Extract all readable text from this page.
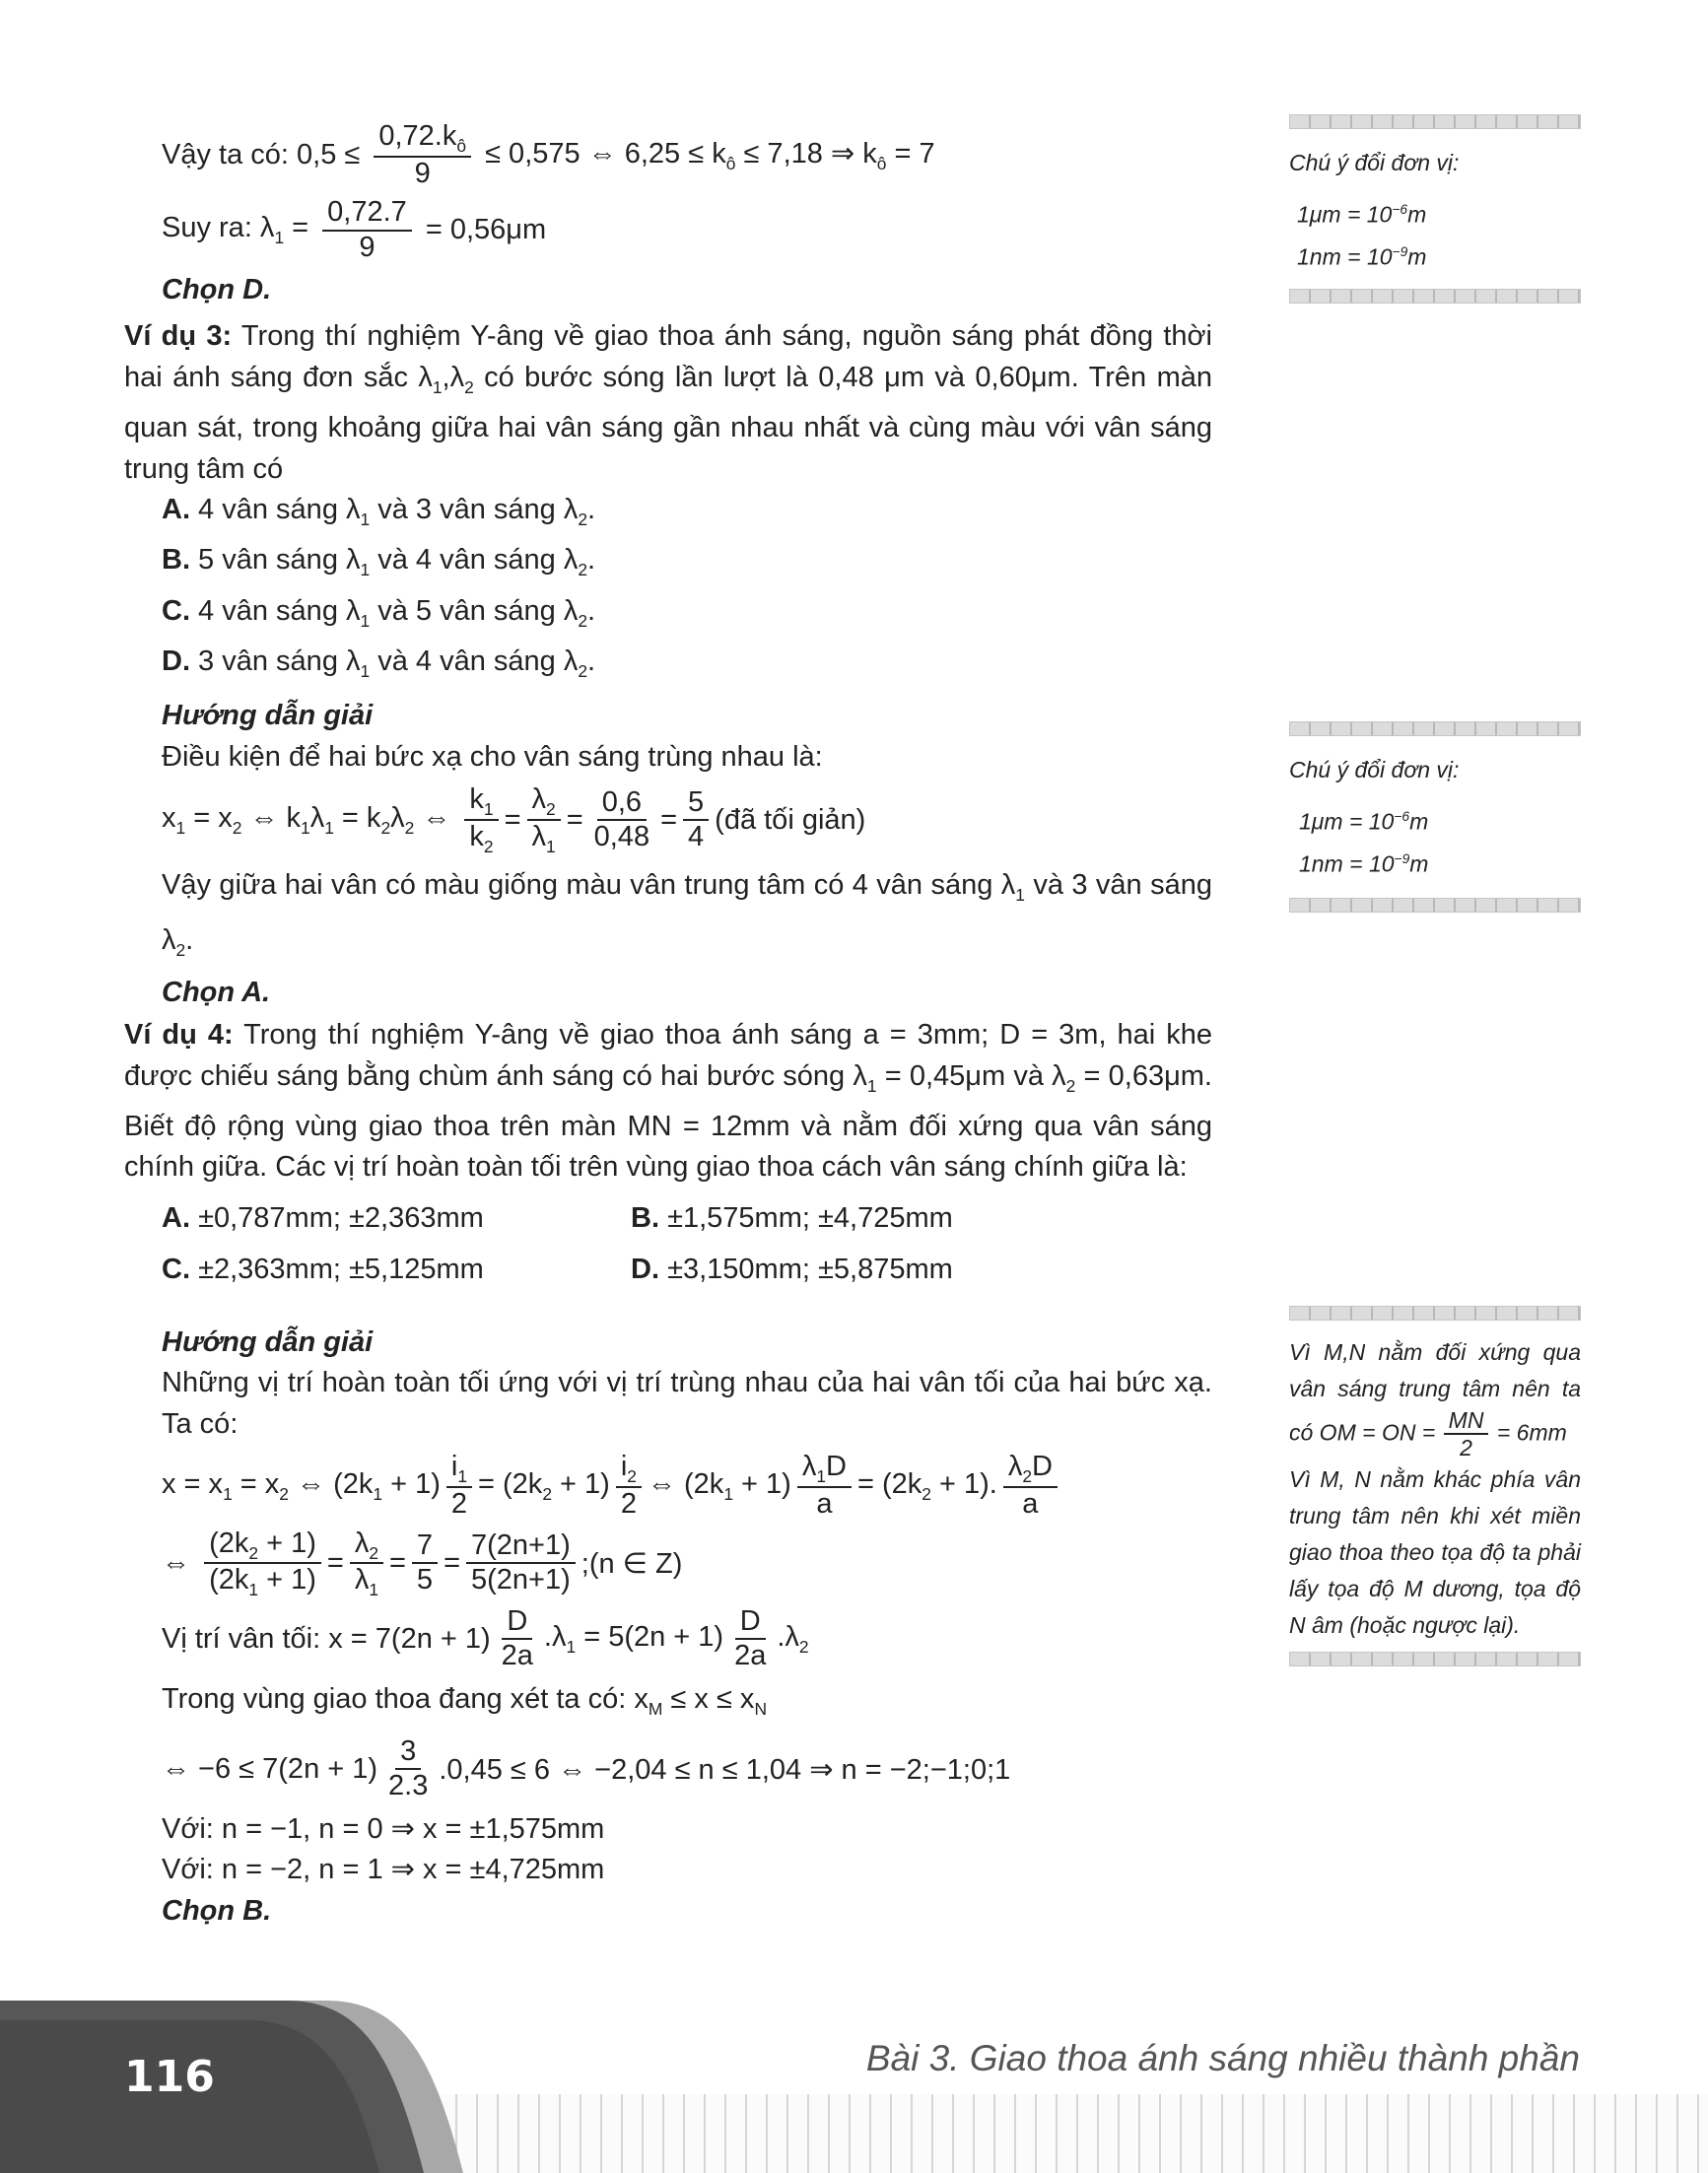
Vậy ta có: $0,5 \le \frac{0,72.k_ô}{9} \le 0,575$ ⇔ $6,25 \le k_ô \le 7,18$ ⇒ $k_ô = 7$
Suy ra: $\lambda_1 = \frac{0,72.7}{9} = 0,56\mu m$
Chọn D.
Ví dụ 3: Trong thí nghiệm Y-âng về giao thoa ánh sáng, nguồn sáng phát đồng thời hai ánh sáng đơn sắc $\lambda_1,\lambda_2$ có bước sóng lần lượt là 0,48 μm và 0,60μm. Trên màn quan sát, trong khoảng giữa hai vân sáng gần nhau nhất và cùng màu với vân sáng trung tâm có
A. 4 vân sáng $\lambda_1$ và 3 vân sáng $\lambda_2$.
B. 5 vân sáng $\lambda_1$ và 4 vân sáng $\lambda_2$.
C. 4 vân sáng $\lambda_1$ và 5 vân sáng $\lambda_2$.
D. 3 vân sáng $\lambda_1$ và 4 vân sáng $\lambda_2$.
Hướng dẫn giải
Điều kiện để hai bức xạ cho vân sáng trùng nhau là:
$x_1 = x_2$ ⇔ $k_1\lambda_1 = k_2\lambda_2$ ⇔ $\frac{k_1}{k_2} = \frac{\lambda_2}{\lambda_1} = \frac{0,6}{0,48} = \frac{5}{4}$ (đã tối giản)
Vậy giữa hai vân có màu giống màu vân trung tâm có 4 vân sáng $\lambda_1$ và 3 vân sáng $\lambda_2$.
Chọn A.
Ví dụ 4: Trong thí nghiệm Y-âng về giao thoa ánh sáng a = 3mm; D = 3m, hai khe được chiếu sáng bằng chùm ánh sáng có hai bước sóng $\lambda_1 = 0,45\mu m$ và $\lambda_2 = 0,63\mu m$. Biết độ rộng vùng giao thoa trên màn MN = 12mm và nằm đối xứng qua vân sáng chính giữa. Các vị trí hoàn toàn tối trên vùng giao thoa cách vân sáng chính giữa là:
A. ±0,787mm; ±2,363mm	B. ±1,575mm; ±4,725mm
C. ±2,363mm; ±5,125mm	D. ±3,150mm; ±5,875mm
Hướng dẫn giải
Những vị trí hoàn toàn tối ứng với vị trí trùng nhau của hai vân tối của hai bức xạ. Ta có:
$x = x_1 = x_2$ ⇔ $(2k_1 + 1) \frac{i_1}{2} = (2k_2 + 1) \frac{i_2}{2}$ ⇔ $(2k_1 + 1) \frac{\lambda_1D}{a} = (2k_2 + 1)$. $\frac{\lambda_2D}{a}$
⇔ $\frac{(2k_2 + 1)}{(2k_1 + 1)} = \frac{\lambda_2}{\lambda_1} = \frac{7}{5} = \frac{7(2n+1)}{5(2n+1)}$ ;(n ∈ Z)
Vị trí vân tối: $x = 7(2n + 1) \frac{D}{2a} .\lambda_1 = 5(2n + 1) \frac{D}{2a} .\lambda_2$
Trong vùng giao thoa đang xét ta có: $x_M \le x \le x_N$
⇔ $-6 \le 7(2n + 1) \frac{3}{2.3} .0,45 \le 6$ ⇔ −2,04 ≤ n ≤ 1,04 ⇒ n = −2;−1;0;1
Với: n = −1, n = 0 ⇒ x = ±1,575mm
Với: n = −2, n = 1 ⇒ x = ±4,725mm
Chọn B.
Chú ý đổi đơn vị:
$1\mu m = 10^{-6}m$
$1nm = 10^{-9}m$
Chú ý đổi đơn vị:
$1\mu m = 10^{-6}m$
$1nm = 10^{-9}m$
Vì M,N nằm đối xứng qua vân sáng trung tâm nên ta có OM = ON = $\frac{MN}{2} = 6mm$
Vì M, N nằm khác phía vân trung tâm nên khi xét miền giao thoa theo tọa độ ta phải lấy tọa độ M dương, tọa độ N âm (hoặc ngược lại).
116	Bài 3. Giao thoa ánh sáng nhiều thành phần
